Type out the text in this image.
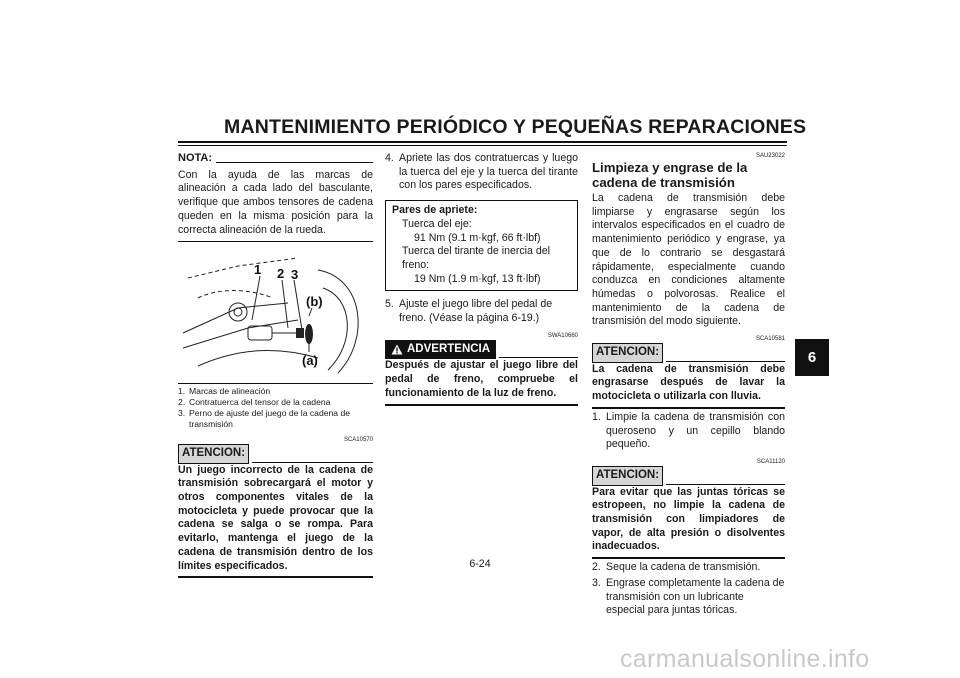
MANTENIMIENTO PERIÓDICO Y PEQUEÑAS REPARACIONES
6
NOTA:

Con la ayuda de las marcas de alineación a cada lado del basculante, verifique que ambos tensores de cadena queden en la misma posición para la correcta alineación de la rueda.

1 2 3
(b)
(a)
1. Marcas de alineación
2. Contratuerca del tensor de la cadena
3. Perno de ajuste del juego de la cadena de transmisión
SCA10570
ATENCION:

Un juego incorrecto de la cadena de transmisión sobrecargará el motor y otros componentes vitales de la motocicleta y puede provocar que la cadena se salga o se rompa. Para evitarlo, mantenga el juego de la cadena de transmisión dentro de los límites especificados.

4. Apriete las dos contratuercas y luego la tuerca del eje y la tuerca del tirante con los pares especificados.
Pares de apriete:
Tuerca del eje:
91 Nm (9.1 m·kgf, 66 ft·lbf)
Tuerca del tirante de inercia del freno:
19 Nm (1.9 m·kgf, 13 ft·lbf)
5. Ajuste el juego libre del pedal de freno. (Véase la página 6-19.)
SWA10660
ADVERTENCIA

Después de ajustar el juego libre del pedal de freno, compruebe el funcionamiento de la luz de freno.

SAU23022
Limpieza y engrase de la cadena de transmisión

La cadena de transmisión debe limpiarse y engrasarse según los intervalos especificados en el cuadro de mantenimiento periódico y engrase, ya que de lo contrario se desgastará rápidamente, especialmente cuando conduzca en condiciones altamente húmedas o polvorosas. Realice el mantenimiento de la cadena de transmisión del modo siguiente.

SCA10581
ATENCION:

La cadena de transmisión debe engrasarse después de lavar la motocicleta o utilizarla con lluvia.

1. Limpie la cadena de transmisión con queroseno y un cepillo blando pequeño.
SCA11120
ATENCION:

Para evitar que las juntas tóricas se estropeen, no limpie la cadena de transmisión con limpiadores de vapor, de alta presión o disolventes inadecuados.

2. Seque la cadena de transmisión.
3. Engrase completamente la cadena de transmisión con un lubricante especial para juntas tóricas.
6-24
carmanualsonline.info
